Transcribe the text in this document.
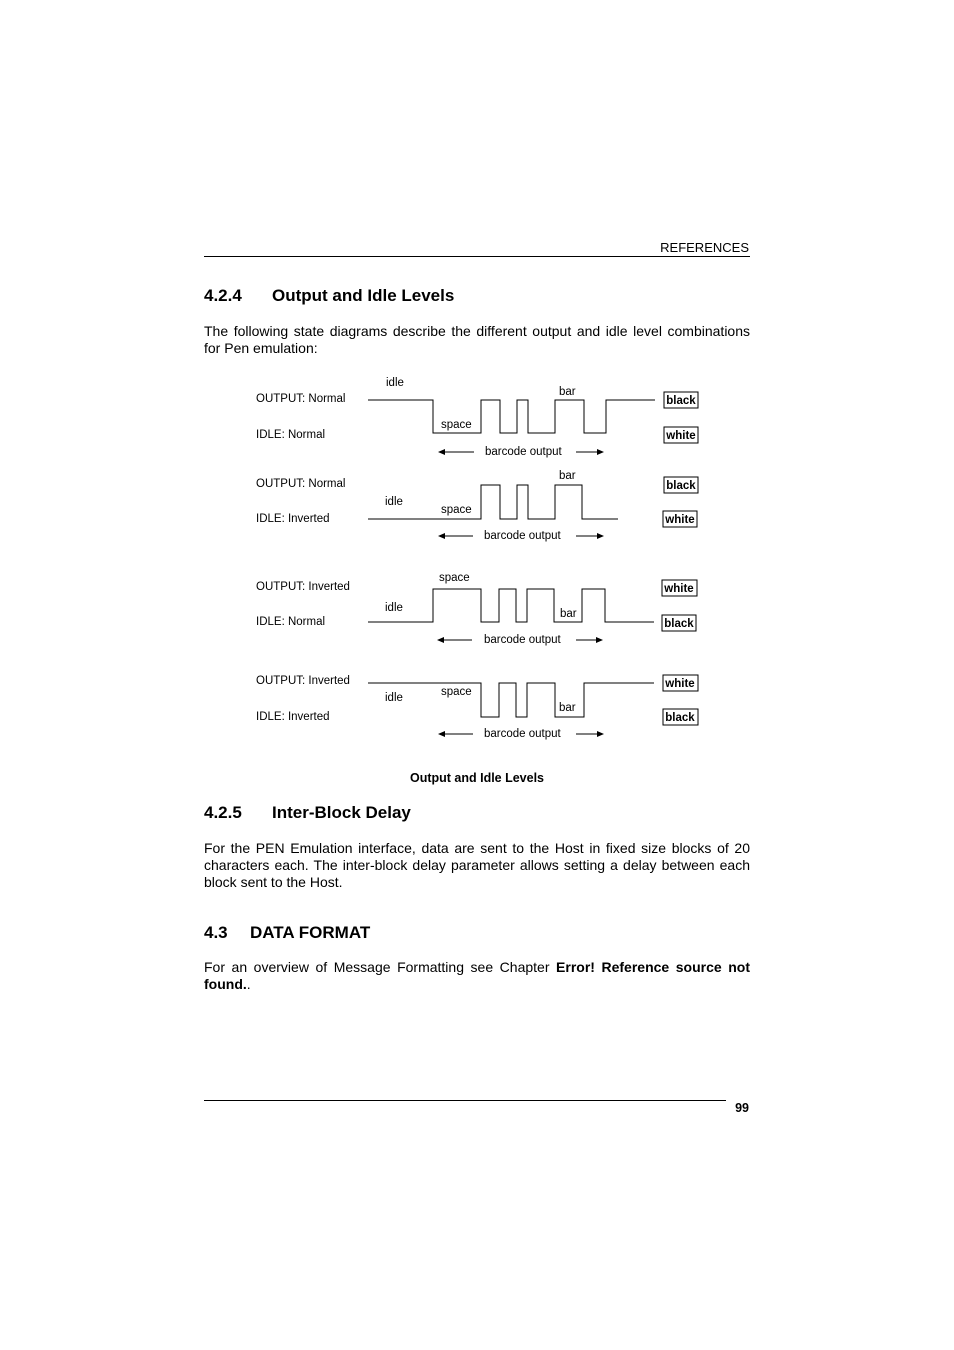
REFERENCES
4.2.4 Output and Idle Levels
The following state diagrams describe the different output and idle level combinations for Pen emulation:
OUTPUT: Normal
IDLE: Normal
idle
bar
space
black
white
barcode output
OUTPUT: Normal
IDLE: Inverted
idle
bar
space
black
white
barcode output
OUTPUT: Inverted
IDLE: Normal
idle	bar
space
white
black
barcode output
OUTPUT: Inverted
IDLE: Inverted
idle
bar
space
white
black
barcode output
Output and Idle Levels
4.2.5 Inter-Block Delay
For the PEN Emulation interface, data are sent to the Host in fixed size blocks of 20 characters each. The inter-block delay parameter allows setting a delay between each block sent to the Host.
4.3 DATA FORMAT
For an overview of Message Formatting see Chapter Error! Reference source not found..
99
